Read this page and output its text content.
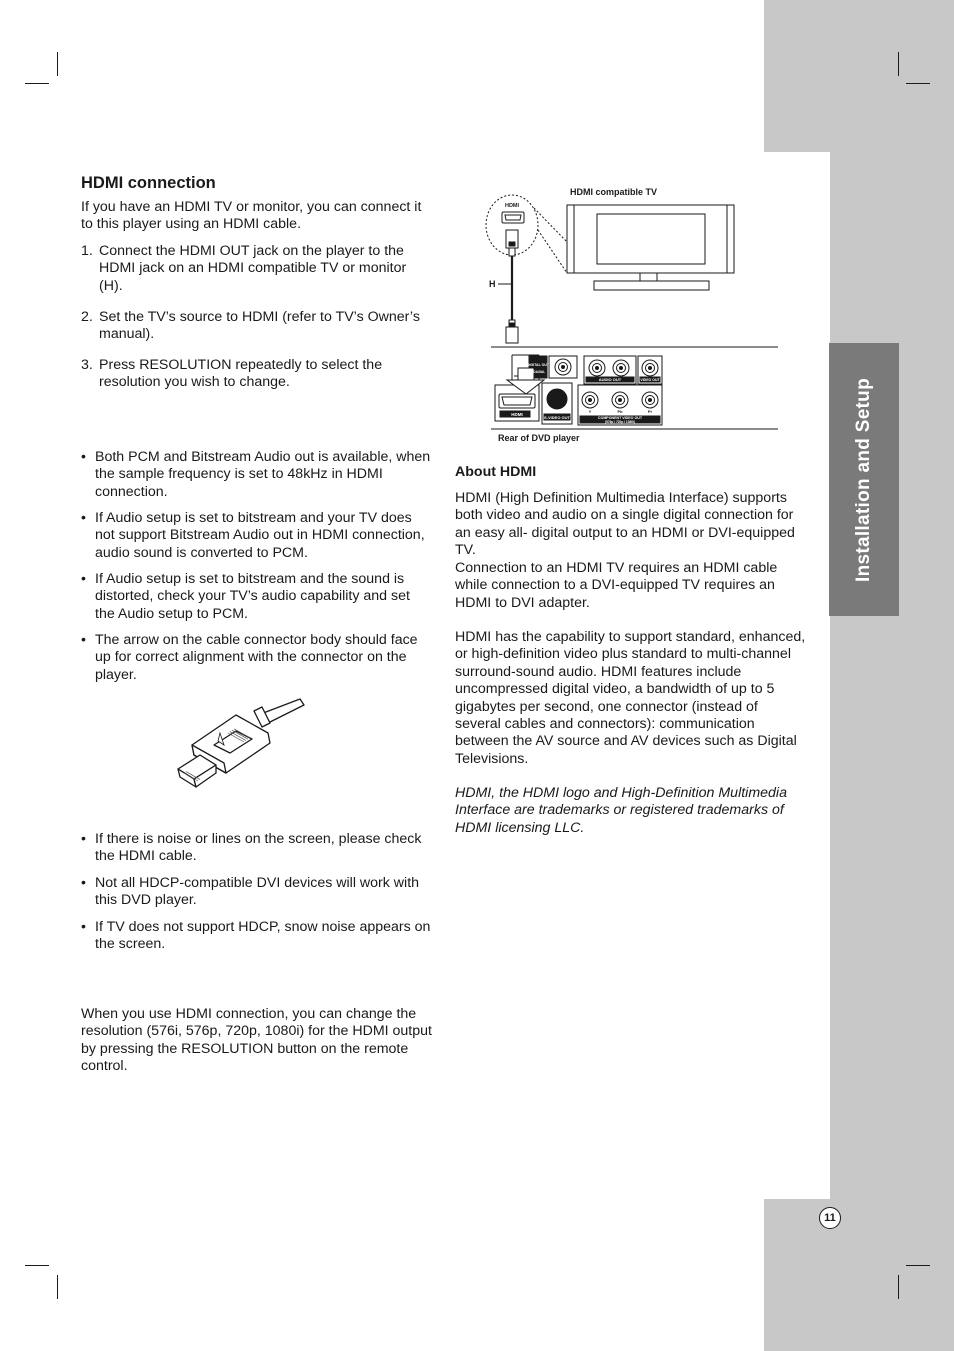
Installation and Setup
11
HDMI connection

If you have an HDMI TV or monitor, you can connect it to this player using an HDMI cable.

1. Connect the HDMI OUT jack on the player to the HDMI jack on an HDMI compatible TV or monitor (H).
2. Set the TV’s source to HDMI (refer to TV’s Owner’s manual).
3. Press RESOLUTION repeatedly to select the resolution you wish to change.
• Both PCM and Bitstream Audio out is available, when the sample frequency is set to 48kHz in HDMI connection.
• If Audio setup is set to bitstream and your TV does not support Bitstream Audio out in HDMI connection, audio sound is converted to PCM.
• If Audio setup is set to bitstream and the sound is distorted, check your TV’s audio capability and set the Audio setup to PCM.
• The arrow on the cable connector body should face up for correct alignment with the connector on the player.
• If there is noise or lines on the screen, please check the HDMI cable.
• Not all HDCP-compatible DVI devices will work with this DVD player.
• If TV does not support HDCP, snow noise appears on the screen.

When you use HDMI connection, you can change the resolution (576i, 576p, 720p, 1080i) for the HDMI output by pressing the RESOLUTION button on the remote control.

HDMI compatible TV
HDMI
H
Rear of DVD player
HDMI
S-VIDEO OUT
DIGITAL OUT
COAXIAL
AUDIO OUT	VIDEO OUT
COMPONENT VIDEO OUT
(576p / 720p / 1080i)
Y	Pb	Pr
About HDMI
HDMI (High Definition Multimedia Interface) supports both video and audio on a single digital connection for an easy all- digital output to an HDMI or DVI-equipped TV.
Connection to an HDMI TV requires an HDMI cable while connection to a DVI-equipped TV requires an HDMI to DVI adapter.
HDMI has the capability to support standard, enhanced, or high-definition video plus standard to multi-channel surround-sound audio. HDMI features include uncompressed digital video, a bandwidth of up to 5 gigabytes per second, one connector (instead of several cables and connectors): communication between the AV source and AV devices such as Digital Televisions.
HDMI, the HDMI logo and High-Definition Multimedia Interface are trademarks or registered trademarks of HDMI licensing LLC.
